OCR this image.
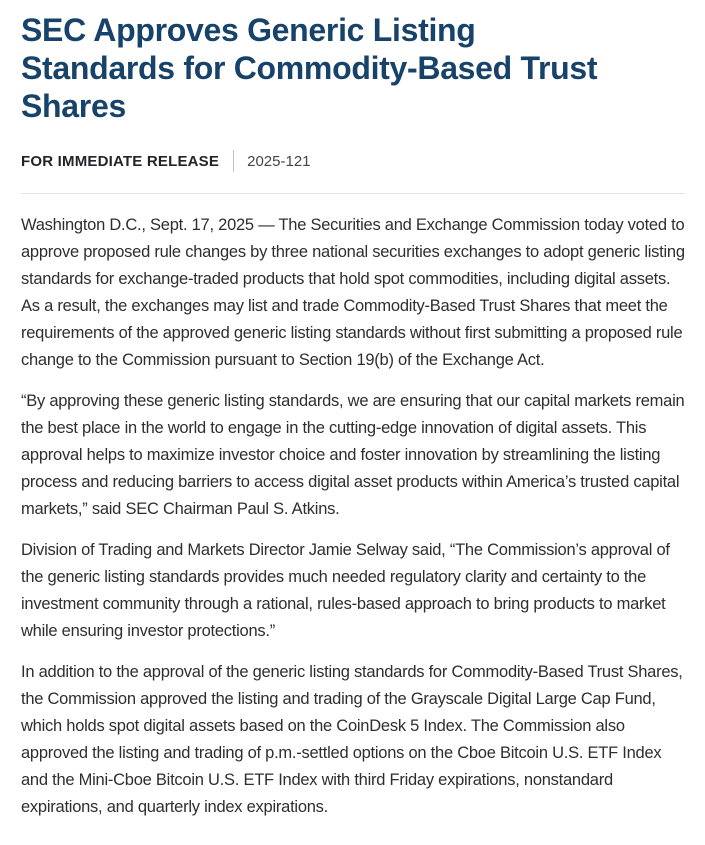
SEC Approves Generic Listing Standards for Commodity-Based Trust Shares
FOR IMMEDIATE RELEASE 2025-121

Washington D.C., Sept. 17, 2025 — The Securities and Exchange Commission today voted to approve proposed rule changes by three national securities exchanges to adopt generic listing standards for exchange-traded products that hold spot commodities, including digital assets. As a result, the exchanges may list and trade Commodity-Based Trust Shares that meet the requirements of the approved generic listing standards without first submitting a proposed rule change to the Commission pursuant to Section 19(b) of the Exchange Act.

“By approving these generic listing standards, we are ensuring that our capital markets remain the best place in the world to engage in the cutting-edge innovation of digital assets. This approval helps to maximize investor choice and foster innovation by streamlining the listing process and reducing barriers to access digital asset products within America’s trusted capital markets,” said SEC Chairman Paul S. Atkins.

Division of Trading and Markets Director Jamie Selway said, “The Commission’s approval of the generic listing standards provides much needed regulatory clarity and certainty to the investment community through a rational, rules-based approach to bring products to market while ensuring investor protections.”

In addition to the approval of the generic listing standards for Commodity-Based Trust Shares, the Commission approved the listing and trading of the Grayscale Digital Large Cap Fund, which holds spot digital assets based on the CoinDesk 5 Index. The Commission also approved the listing and trading of p.m.-settled options on the Cboe Bitcoin U.S. ETF Index and the Mini-Cboe Bitcoin U.S. ETF Index with third Friday expirations, nonstandard expirations, and quarterly index expirations.
